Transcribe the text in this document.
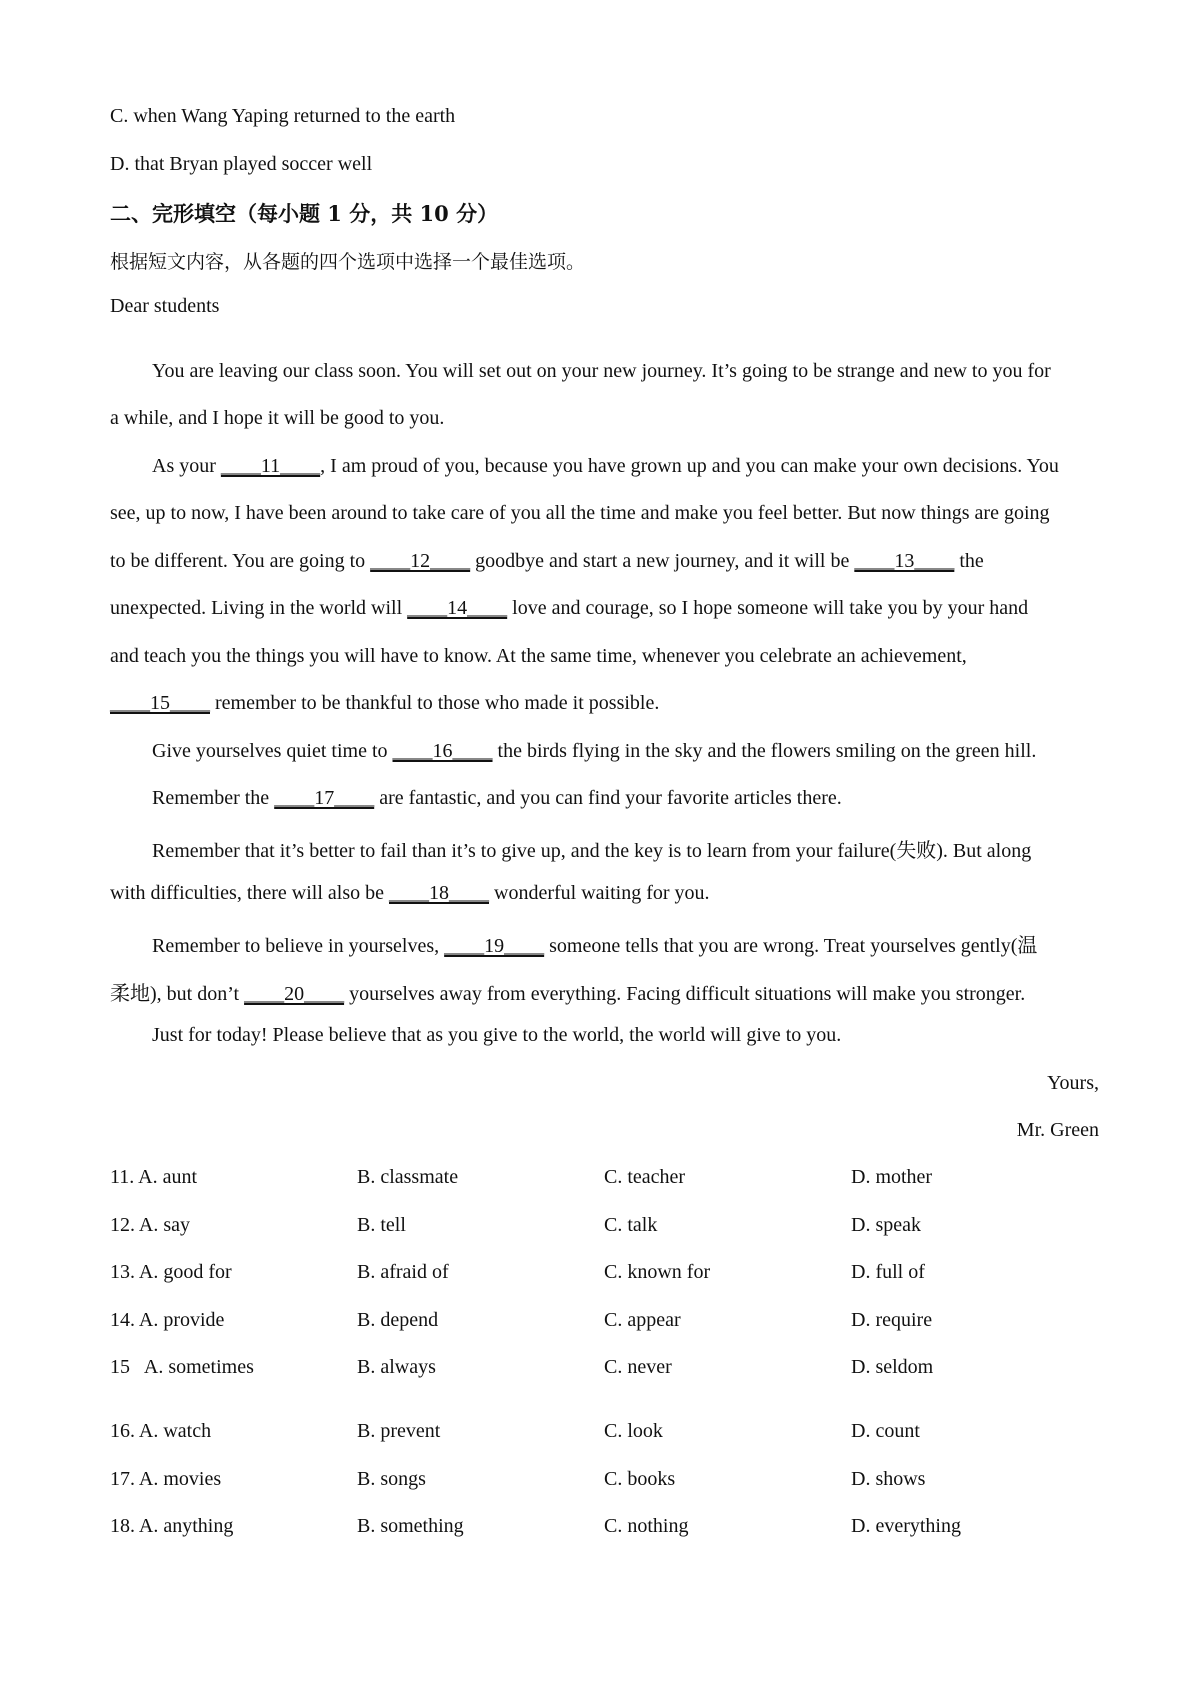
C. when Wang Yaping returned to the earth
D. that Bryan played soccer well
二、完形填空（每小题 1 分，共 10 分）
根据短文内容，从各题的四个选项中选择一个最佳选项。
Dear students
You are leaving our class soon. You will set out on your new journey. It’s going to be strange and new to you for
a while, and I hope it will be good to you.
As your ____11____, I am proud of you, because you have grown up and you can make your own decisions. You
see, up to now, I have been around to take care of you all the time and make you feel better. But now things are going
to be different. You are going to ____12____ goodbye and start a new journey, and it will be ____13____ the
unexpected. Living in the world will ____14____ love and courage, so I hope someone will take you by your hand
and teach you the things you will have to know. At the same time, whenever you celebrate an achievement,
____15____ remember to be thankful to those who made it possible.
Give yourselves quiet time to ____16____ the birds flying in the sky and the flowers smiling on the green hill.
Remember the ____17____ are fantastic, and you can find your favorite articles there.
Remember that it’s better to fail than it’s to give up, and the key is to learn from your failure(失败). But along
with difficulties, there will also be ____18____ wonderful waiting for you.
Remember to believe in yourselves, ____19____ someone tells that you are wrong. Treat yourselves gently(温
柔地), but don’t ____20____ yourselves away from everything. Facing difficult situations will make you stronger.
Just for today! Please believe that as you give to the world, the world will give to you.
Yours,
Mr. Green
11. A. aunt	B. classmate	C. teacher	D. mother
12. A. say	B. tell	C. talk	D. speak
13. A. good for	B. afraid of	C. known for	D. full of
14. A. provide	B. depend	C. appear	D. require
15   A. sometimes	B. always	C. never	D. seldom
16. A. watch	B. prevent	C. look	D. count
17. A. movies	B. songs	C. books	D. shows
18. A. anything	B. something	C. nothing	D. everything
